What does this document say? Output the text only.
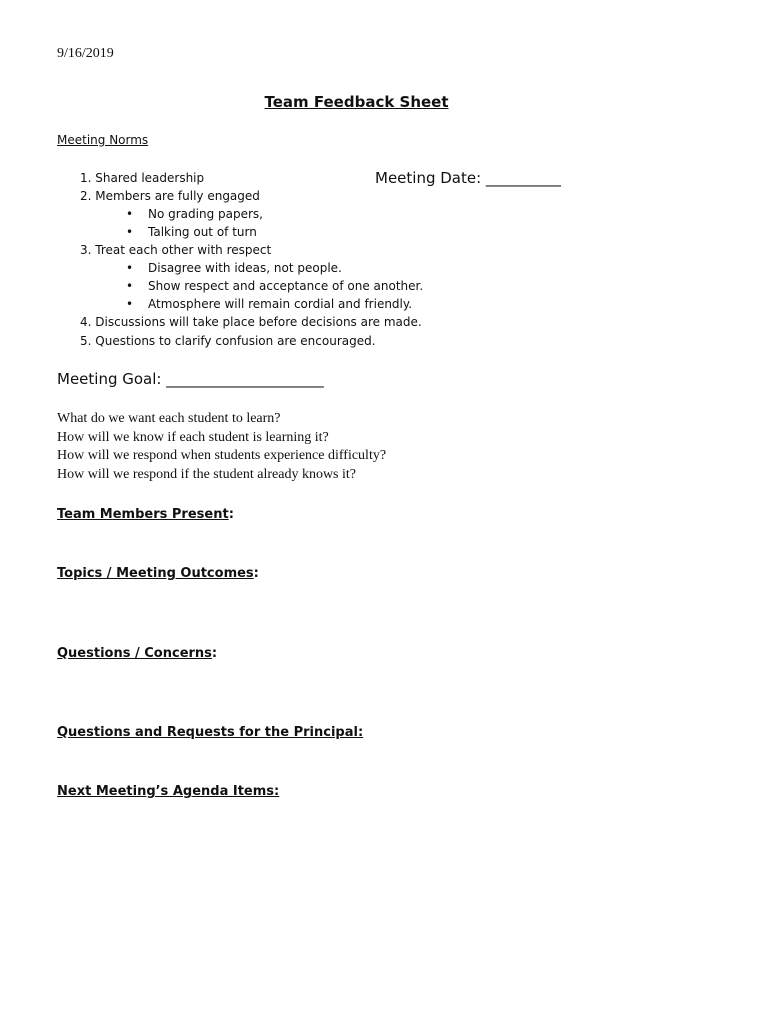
9/16/2019
Team Feedback Sheet
Meeting Norms
Meeting Date: __________
1. Shared leadership
2. Members are fully engaged
• No grading papers,
• Talking out of turn
3. Treat each other with respect
• Disagree with ideas, not people.
• Show respect and acceptance of one another.
• Atmosphere will remain cordial and friendly.
4. Discussions will take place before decisions are made.
5. Questions to clarify confusion are encouraged.
Meeting Goal: _____________________
What do we want each student to learn?
How will we know if each student is learning it?
How will we respond when students experience difficulty?
How will we respond if the student already knows it?
Team Members Present:
Topics / Meeting Outcomes:
Questions / Concerns:
Questions and Requests for the Principal:
Next Meeting’s Agenda Items:
